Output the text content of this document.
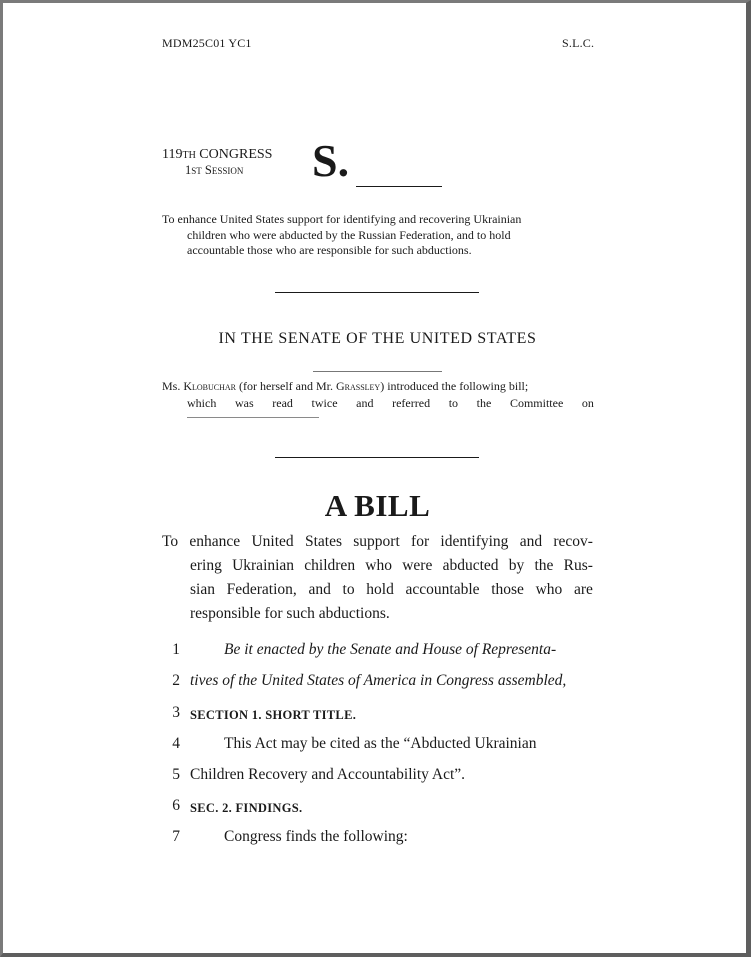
MDM25C01 YC1	S.L.C.
119th CONGRESS
1st Session S.
To enhance United States support for identifying and recovering Ukrainian
children who were abducted by the Russian Federation, and to hold
accountable those who are responsible for such abductions.
IN THE SENATE OF THE UNITED STATES
Ms. Klobuchar (for herself and Mr. Grassley) introduced the following bill;
which was read twice and referred to the Committee on
A BILL
To enhance United States support for identifying and recov-
ering Ukrainian children who were abducted by the Rus-
sian Federation, and to hold accountable those who are
responsible for such abductions.
1	Be it enacted by the Senate and House of Representa-
2 tives of the United States of America in Congress assembled,
3 SECTION 1. SHORT TITLE.
4	This Act may be cited as the “Abducted Ukrainian
5 Children Recovery and Accountability Act”.
6 SEC. 2. FINDINGS.
7	Congress finds the following:
